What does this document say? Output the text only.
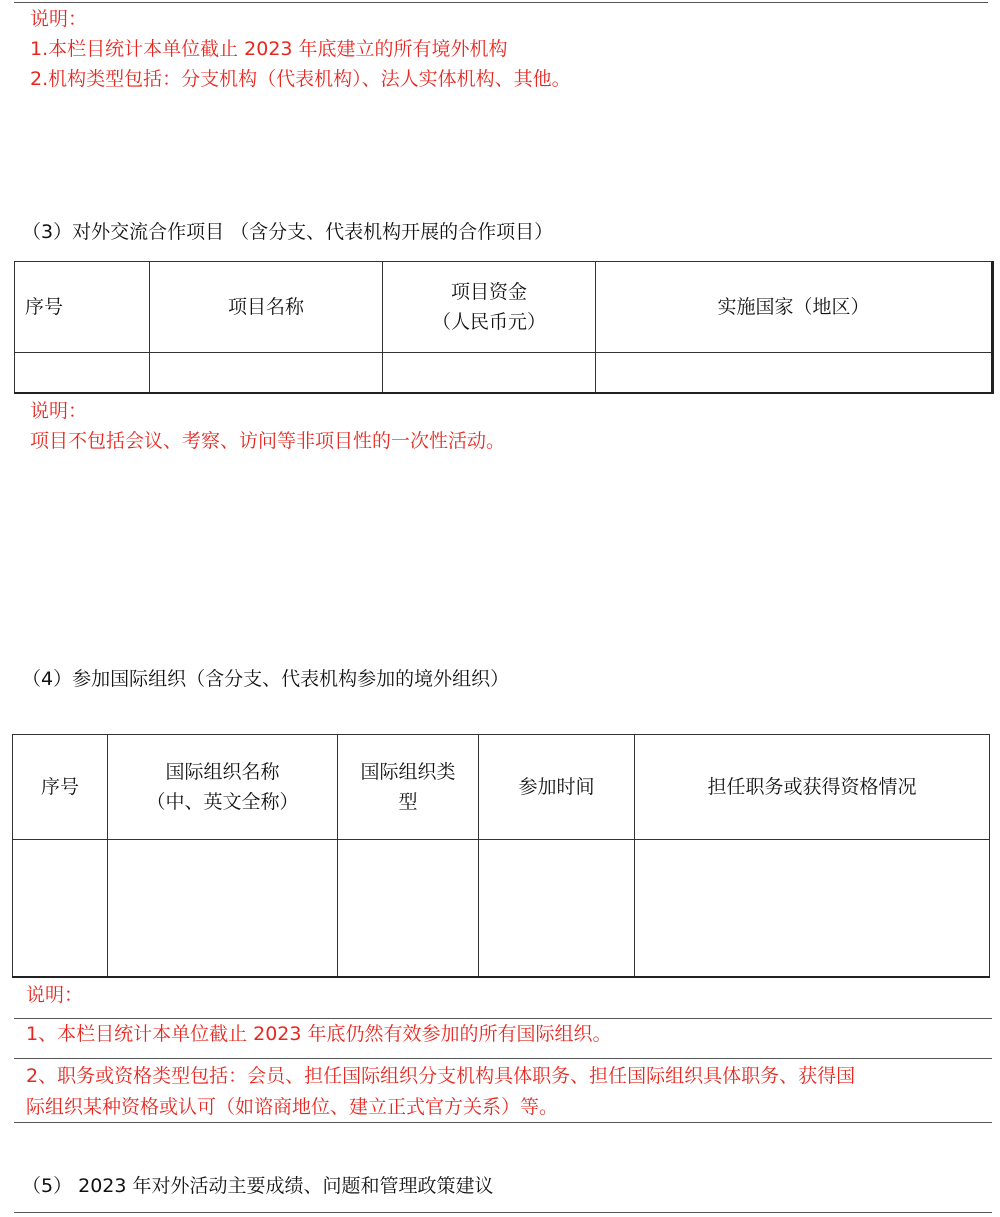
说明：
1.本栏目统计本单位截止 2023 年底建立的所有境外机构
2.机构类型包括：分支机构（代表机构）、法人实体机构、其他。
（3）对外交流合作项目 （含分支、代表机构开展的合作项目）
序号	项目名称	项目资金
（人民币元）	实施国家（地区）

说明：
项目不包括会议、考察、访问等非项目性的一次性活动。
（4）参加国际组织（含分支、代表机构参加的境外组织）
序号	国际组织名称
（中、英文全称）	国际组织类
型	参加时间	担任职务或获得资格情况

说明：
1、本栏目统计本单位截止 2023 年底仍然有效参加的所有国际组织。
2、职务或资格类型包括：会员、担任国际组织分支机构具体职务、担任国际组织具体职务、获得国
际组织某种资格或认可（如谘商地位、建立正式官方关系）等。
（5） 2023 年对外活动主要成绩、问题和管理政策建议
